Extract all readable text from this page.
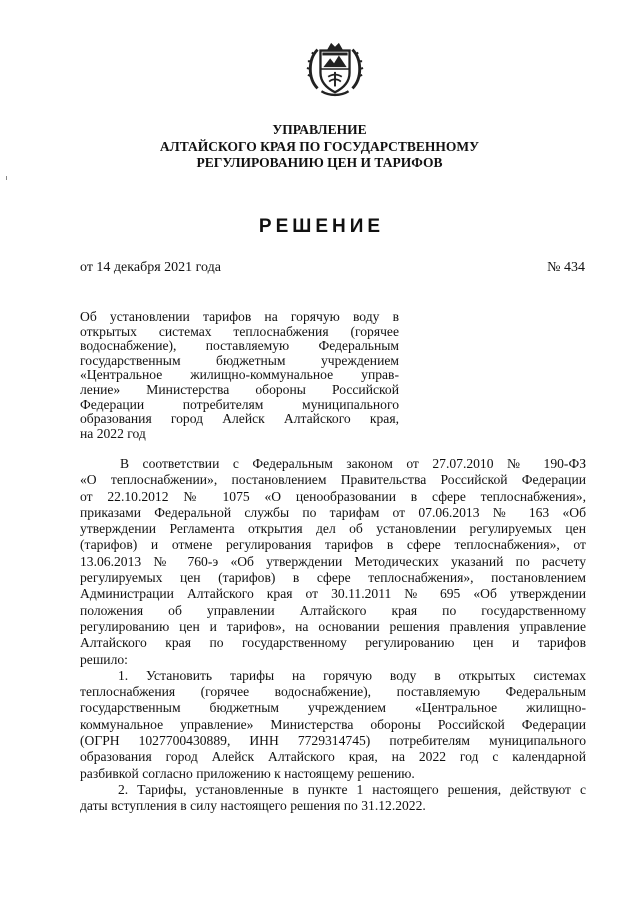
УПРАВЛЕНИЕ
АЛТАЙСКОГО КРАЯ ПО ГОСУДАРСТВЕННОМУ
РЕГУЛИРОВАНИЮ ЦЕН И ТАРИФОВ
РЕШЕНИЕ
от 14 декабря 2021 года	№ 434
Об установлении тарифов на горячую воду в
открытых системах теплоснабжения (горячее
водоснабжение), поставляемую Федеральным
государственным бюджетным учреждением
«Центральное жилищно-коммунальное управ-
ление» Министерства обороны Российской
Федерации потребителям муниципального
образования город Алейск Алтайского края,
на 2022 год
В соответствии с Федеральным законом от 27.07.2010 № 190-ФЗ
«О теплоснабжении», постановлением Правительства Российской Федерации
от 22.10.2012 № 1075 «О ценообразовании в сфере теплоснабжения»,
приказами Федеральной службы по тарифам от 07.06.2013 № 163 «Об
утверждении Регламента открытия дел об установлении регулируемых цен
(тарифов) и отмене регулирования тарифов в сфере теплоснабжения», от
13.06.2013 № 760-э «Об утверждении Методических указаний по расчету
регулируемых цен (тарифов) в сфере теплоснабжения», постановлением
Администрации Алтайского края от 30.11.2011 № 695 «Об утверждении
положения об управлении Алтайского края по государственному
регулированию цен и тарифов», на основании решения правления управление
Алтайского края по государственному регулированию цен и тарифов
решило:
1. Установить тарифы на горячую воду в открытых системах
теплоснабжения (горячее водоснабжение), поставляемую Федеральным
государственным бюджетным учреждением «Центральное жилищно-
коммунальное управление» Министерства обороны Российской Федерации
(ОГРН 1027700430889, ИНН 7729314745) потребителям муниципального
образования город Алейск Алтайского края, на 2022 год с календарной
разбивкой согласно приложению к настоящему решению.
2. Тарифы, установленные в пункте 1 настоящего решения, действуют с
даты вступления в силу настоящего решения по 31.12.2022.
